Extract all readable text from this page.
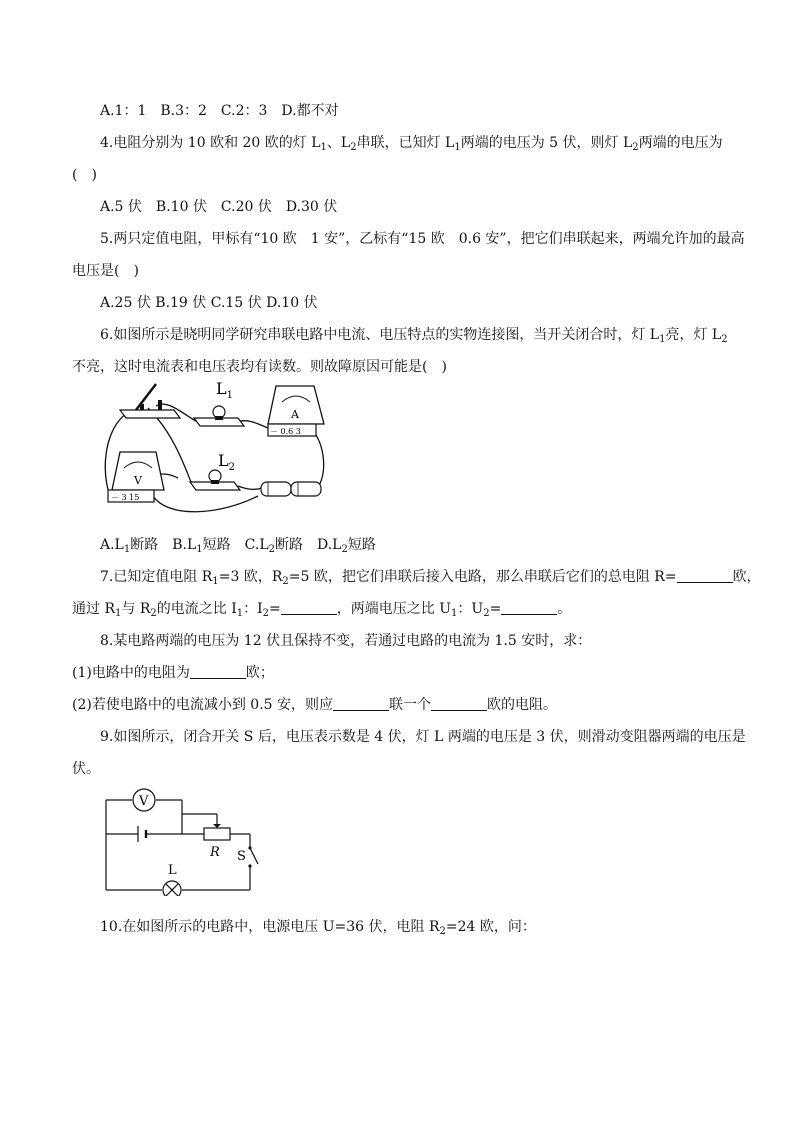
A.1：1　B.3：2　C.2：3　D.都不对
4.电阻分别为 10 欧和 20 欧的灯 $L_1$、$L_2$串联，已知灯 $L_1$两端的电压为 5 伏，则灯 $L_2$两端的电压为
(　)
A.5 伏　B.10 伏　C.20 伏　D.30 伏
5.两只定值电阻，甲标有“10 欧　1 安”，乙标有“15 欧　0.6 安”，把它们串联起来，两端允许加的最高
电压是(　)
A.25 伏 B.19 伏 C.15 伏 D.10 伏
6.如图所示是晓明同学研究串联电路中电流、电压特点的实物连接图，当开关闭合时，灯 $L_1$亮，灯 $L_2$
不亮，这时电流表和电压表均有读数。则故障原因可能是(　)
$L_1$
A
－ 0.6 3
V
－ 3 15
$L_2$
$A.L_1$断路　$B.L_1$短路　$C.L_2$断路　$D.L_2$短路
7.已知定值电阻 $R_1=3$ 欧，$R_2=5$ 欧，把它们串联后接入电路，那么串联后它们的总电阻 R=	欧，
通过 $R_1$与 $R_2$的电流之比 $I_1$：$I_2=$	，两端电压之比 $U_1$：$U_2=$	。
8.某电路两端的电压为 12 伏且保持不变，若通过电路的电流为 1.5 安时，求：
(1)电路中的电阻为	欧；
(2)若使电路中的电流减小到 0.5 安，则应	联一个	欧的电阻。
9.如图所示，闭合开关 S 后，电压表示数是 4 伏，灯 L 两端的电压是 3 伏，则滑动变阻器两端的电压是
伏。
V
L
R S
10.在如图所示的电路中，电源电压 U=36 伏，电阻 $R_2=24$ 欧，问：
